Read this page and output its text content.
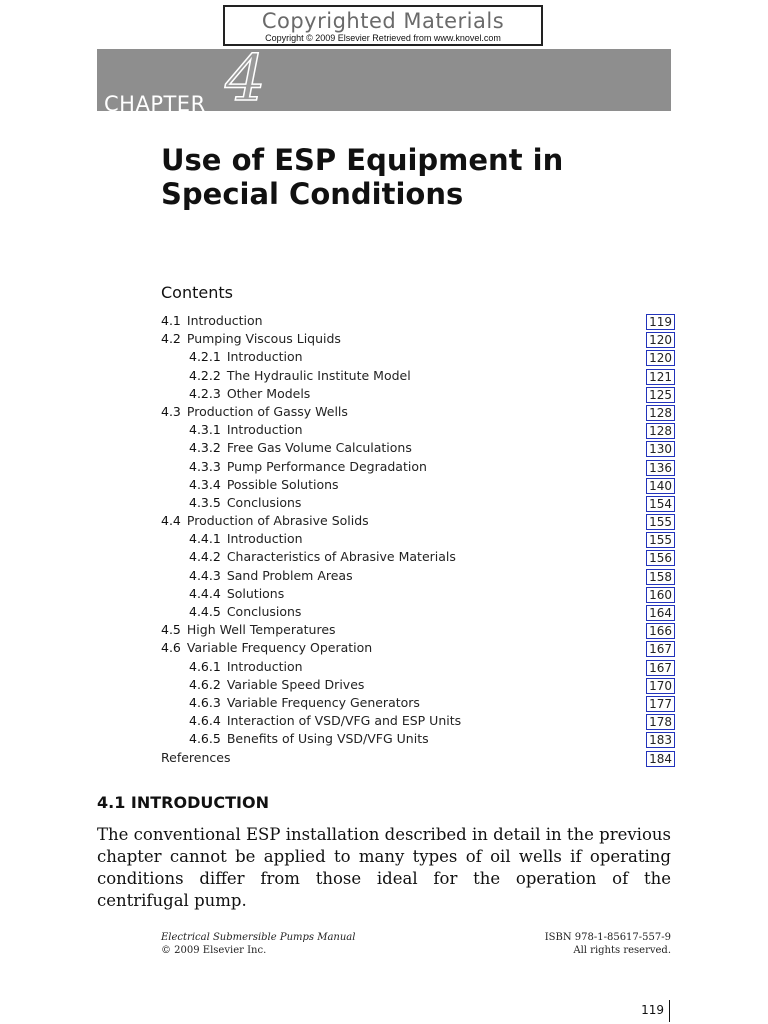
Copyrighted Materials
Copyright © 2009 Elsevier Retrieved from www.knovel.com
CHAPTER 4
Use of ESP Equipment in
Special Conditions
Contents
4.1 Introduction	119
4.2 Pumping Viscous Liquids	120
4.2.1 Introduction	120
4.2.2 The Hydraulic Institute Model	121
4.2.3 Other Models	125
4.3 Production of Gassy Wells	128
4.3.1 Introduction	128
4.3.2 Free Gas Volume Calculations	130
4.3.3 Pump Performance Degradation	136
4.3.4 Possible Solutions	140
4.3.5 Conclusions	154
4.4 Production of Abrasive Solids	155
4.4.1 Introduction	155
4.4.2 Characteristics of Abrasive Materials	156
4.4.3 Sand Problem Areas	158
4.4.4 Solutions	160
4.4.5 Conclusions	164
4.5 High Well Temperatures	166
4.6 Variable Frequency Operation	167
4.6.1 Introduction	167
4.6.2 Variable Speed Drives	170
4.6.3 Variable Frequency Generators	177
4.6.4 Interaction of VSD/VFG and ESP Units	178
4.6.5 Benefits of Using VSD/VFG Units	183
References	184
4.1 INTRODUCTION

The conventional ESP installation described in detail in the previous chapter cannot be applied to many types of oil wells if operating conditions differ from those ideal for the operation of the centrifugal pump.

Electrical Submersible Pumps Manual
© 2009 Elsevier Inc.
ISBN 978-1-85617-557-9
All rights reserved.
119
